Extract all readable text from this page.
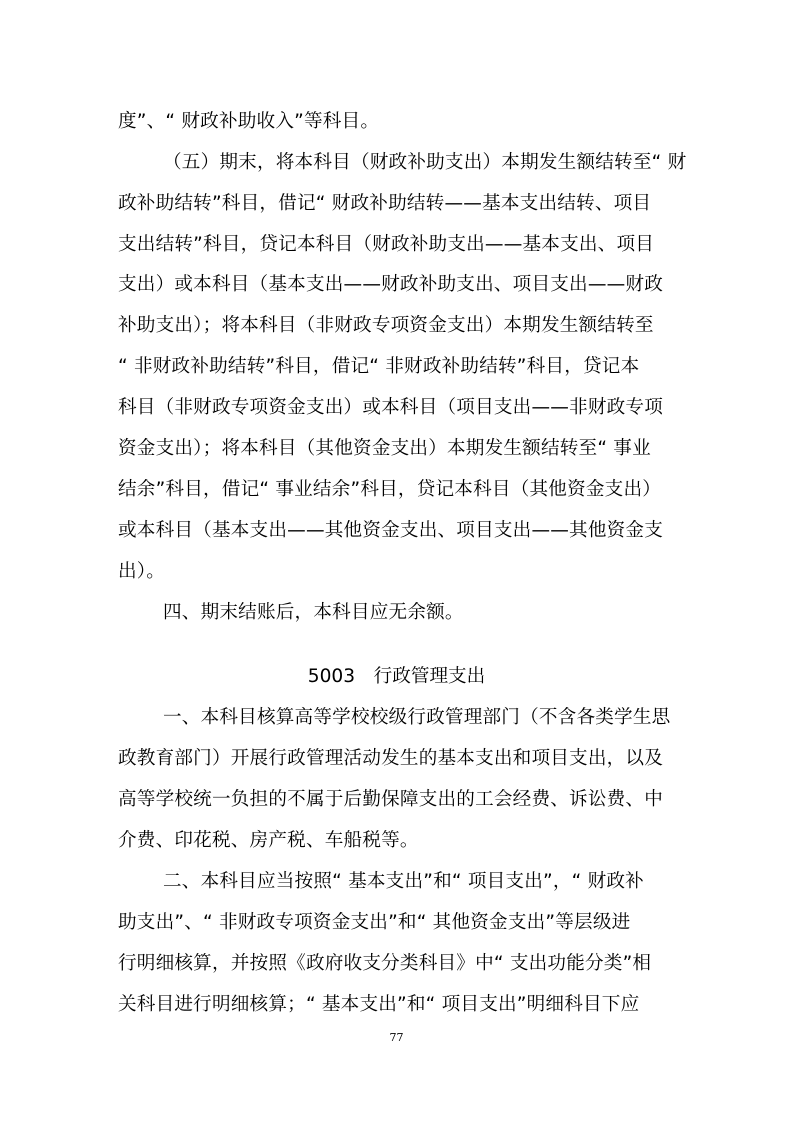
度”、“ 财政补助收入”等科目。
（五）期末，将本科目（财政补助支出）本期发生额结转至“ 财
政补助结转”科目，借记“ 财政补助结转——基本支出结转、项目
支出结转”科目，贷记本科目（财政补助支出——基本支出、项目
支出）或本科目（基本支出——财政补助支出、项目支出——财政
补助支出）；将本科目（非财政专项资金支出）本期发生额结转至
“ 非财政补助结转”科目，借记“ 非财政补助结转”科目，贷记本
科目（非财政专项资金支出）或本科目（项目支出——非财政专项
资金支出）；将本科目（其他资金支出）本期发生额结转至“ 事业
结余”科目，借记“ 事业结余”科目，贷记本科目（其他资金支出）
或本科目（基本支出——其他资金支出、项目支出——其他资金支
出）。
四、期末结账后，本科目应无余额。
5003　行政管理支出
一、本科目核算高等学校校级行政管理部门（不含各类学生思
政教育部门）开展行政管理活动发生的基本支出和项目支出，以及
高等学校统一负担的不属于后勤保障支出的工会经费、诉讼费、中
介费、印花税、房产税、车船税等。
二、本科目应当按照“ 基本支出”和“ 项目支出”，“ 财政补
助支出”、“ 非财政专项资金支出”和“ 其他资金支出”等层级进
行明细核算，并按照《政府收支分类科目》中“ 支出功能分类”相
关科目进行明细核算；“ 基本支出”和“ 项目支出”明细科目下应
77
